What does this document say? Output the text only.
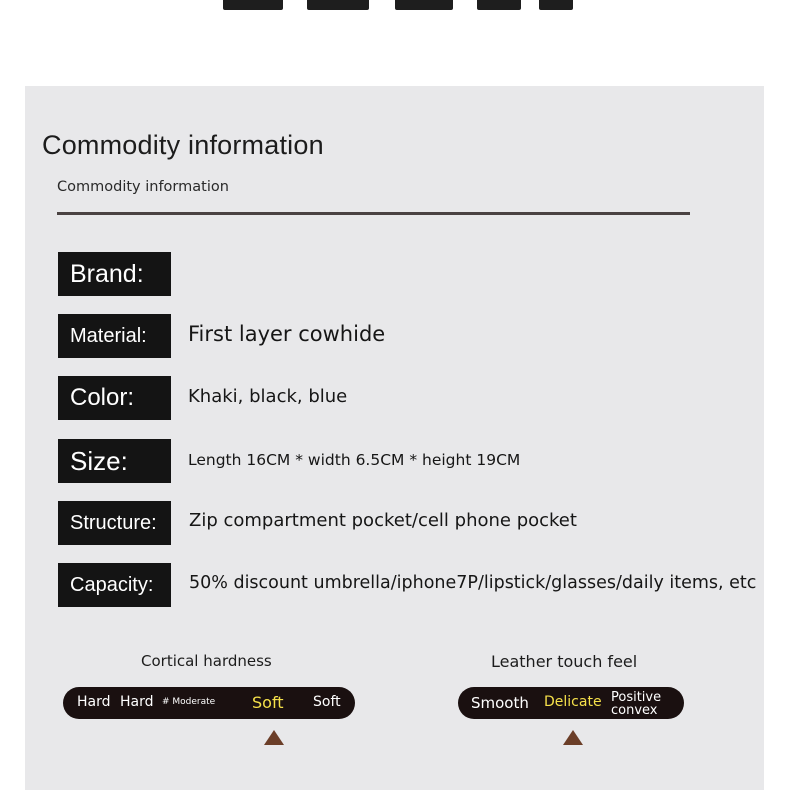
Commodity information
Commodity information
Brand:
Material: First layer cowhide
Color:	Khaki, black, blue
Size:	Length 16CM * width 6.5CM * height 19CM
Structure: Zip compartment pocket/cell phone pocket
Capacity: 50% discount umbrella/iphone7P/lipstick/glasses/daily items, etc
Cortical hardness
Hard Hard # Moderate Soft Soft
Leather touch feel
Smooth Delicate Positive convex
